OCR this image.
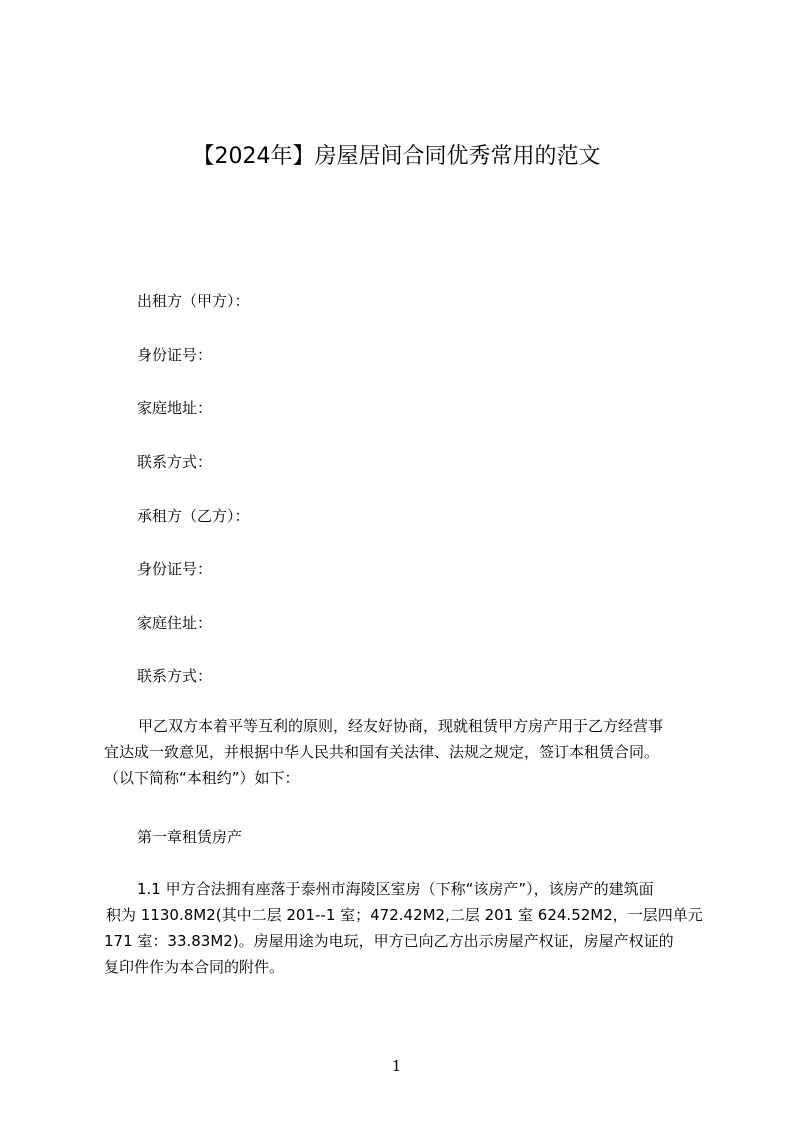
【2024年】房屋居间合同优秀常用的范文
出租方（甲方）：
身份证号：
家庭地址：
联系方式：
承租方（乙方）：
身份证号：
家庭住址：
联系方式：
甲乙双方本着平等互利的原则，经友好协商，现就租赁甲方房产用于乙方经营事
宜达成一致意见，并根据中华人民共和国有关法律、法规之规定，签订本租赁合同。
（以下简称“本租约”）如下：
第一章租赁房产
1.1 甲方合法拥有座落于泰州市海陵区室房（下称“该房产”），该房产的建筑面
积为 1130.8M2(其中二层 201--1 室；472.42M2,二层 201 室 624.52M2，一层四单元
171 室：33.83M2)。房屋用途为电玩，甲方已向乙方出示房屋产权证，房屋产权证的
复印件作为本合同的附件。
1
